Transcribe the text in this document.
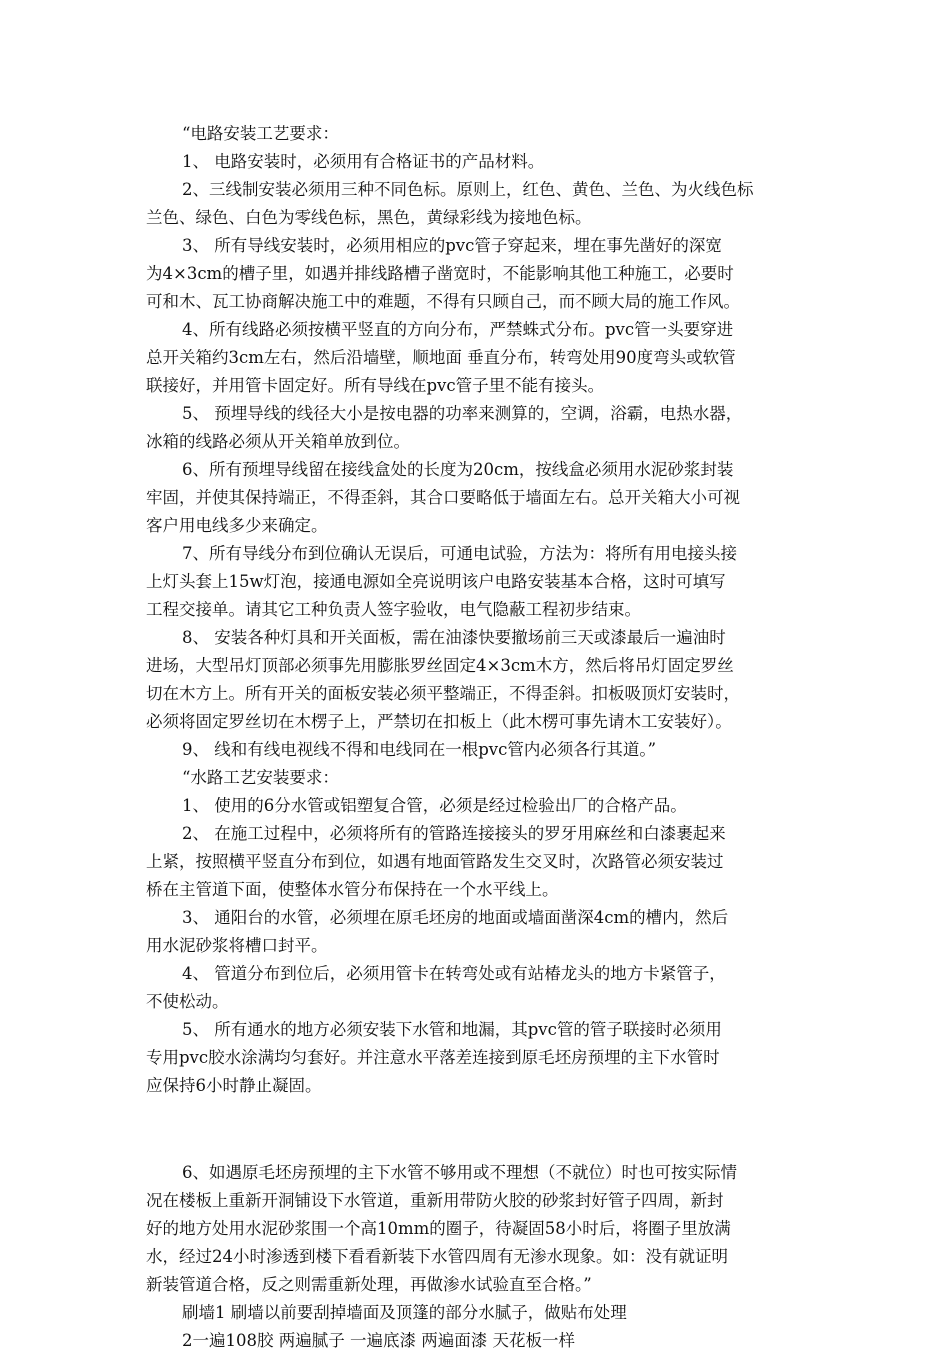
“电路安装工艺要求：
1、 电路安装时，必须用有合格证书的产品材料。
2、三线制安装必须用三种不同色标。原则上，红色、黄色、兰色、为火线色标
兰色、绿色、白色为零线色标，黑色，黄绿彩线为接地色标。
3、 所有导线安装时，必须用相应的pvc管子穿起来，埋在事先凿好的深宽
为4×3cm的槽子里，如遇并排线路槽子凿宽时，不能影响其他工种施工，必要时
可和木、瓦工协商解决施工中的难题，不得有只顾自己，而不顾大局的施工作风。
4、所有线路必须按横平竖直的方向分布，严禁蛛式分布。pvc管一头要穿进
总开关箱约3cm左右，然后沿墙壁，顺地面 垂直分布，转弯处用90度弯头或软管
联接好，并用管卡固定好。所有导线在pvc管子里不能有接头。
5、 预埋导线的线径大小是按电器的功率来测算的，空调，浴霸，电热水器，
冰箱的线路必须从开关箱单放到位。
6、所有预埋导线留在接线盒处的长度为20cm，按线盒必须用水泥砂浆封装
牢固，并使其保持端正，不得歪斜，其合口要略低于墙面左右。总开关箱大小可视
客户用电线多少来确定。
7、所有导线分布到位确认无误后，可通电试验，方法为：将所有用电接头接
上灯头套上15w灯泡，接通电源如全亮说明该户电路安装基本合格，这时可填写
工程交接单。请其它工种负责人签字验收，电气隐蔽工程初步结束。
8、 安装各种灯具和开关面板，需在油漆快要撤场前三天或漆最后一遍油时
进场，大型吊灯顶部必须事先用膨胀罗丝固定4×3cm木方，然后将吊灯固定罗丝
切在木方上。所有开关的面板安装必须平整端正，不得歪斜。扣板吸顶灯安装时，
必须将固定罗丝切在木楞子上，严禁切在扣板上（此木楞可事先请木工安装好）。
9、 线和有线电视线不得和电线同在一根pvc管内必须各行其道。”
“水路工艺安装要求：
1、 使用的6分水管或铝塑复合管，必须是经过检验出厂的合格产品。
2、 在施工过程中，必须将所有的管路连接接头的罗牙用麻丝和白漆裹起来
上紧，按照横平竖直分布到位，如遇有地面管路发生交叉时，次路管必须安装过
桥在主管道下面，使整体水管分布保持在一个水平线上。
3、 通阳台的水管，必须埋在原毛坯房的地面或墙面凿深4cm的槽内，然后
用水泥砂浆将槽口封平。
4、 管道分布到位后，必须用管卡在转弯处或有站椿龙头的地方卡紧管子，
不使松动。
5、 所有通水的地方必须安装下水管和地漏，其pvc管的管子联接时必须用
专用pvc胶水涂满均匀套好。并注意水平落差连接到原毛坯房预埋的主下水管时
应保持6小时静止凝固。
6、如遇原毛坯房预埋的主下水管不够用或不理想（不就位）时也可按实际情
况在楼板上重新开洞铺设下水管道，重新用带防火胶的砂浆封好管子四周，新封
好的地方处用水泥砂浆围一个高10mm的圈子，待凝固58小时后，将圈子里放满
水，经过24小时渗透到楼下看看新装下水管四周有无渗水现象。如：没有就证明
新装管道合格，反之则需重新处理，再做渗水试验直至合格。”
刷墙1 刷墙以前要刮掉墙面及顶篷的部分水腻子，做贴布处理
2一遍108胶 两遍腻子 一遍底漆 两遍面漆 天花板一样
